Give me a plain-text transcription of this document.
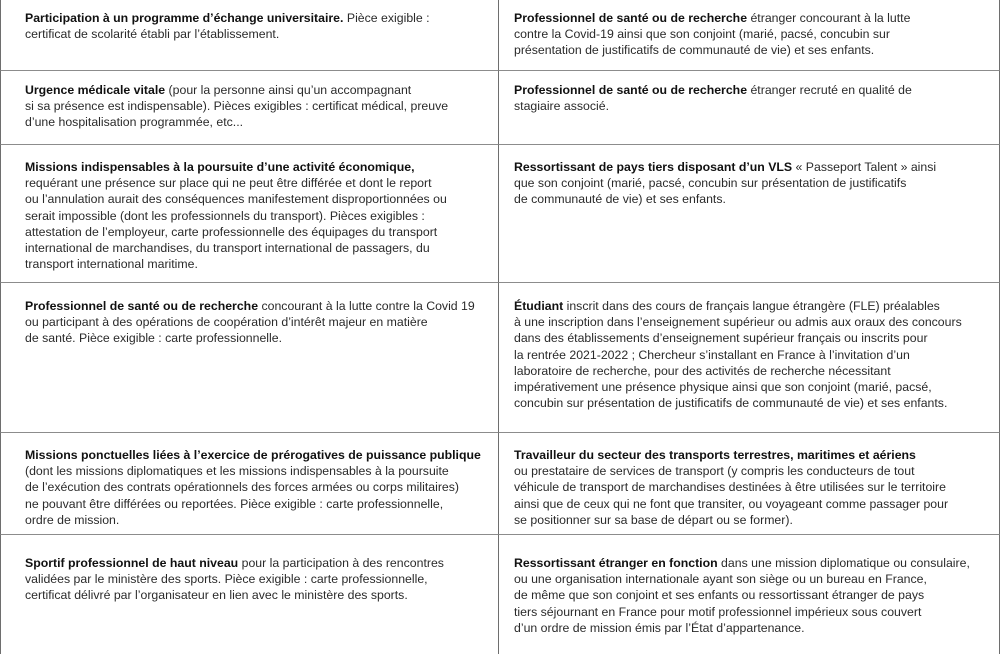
Participation à un programme d’échange universitaire. Pièce exigible :
certificat de scolarité établi par l’établissement.
Professionnel de santé ou de recherche étranger concourant à la lutte
contre la Covid-19 ainsi que son conjoint (marié, pacsé, concubin sur
présentation de justificatifs de communauté de vie) et ses enfants.
Urgence médicale vitale (pour la personne ainsi qu’un accompagnant
si sa présence est indispensable). Pièces exigibles : certificat médical, preuve
d’une hospitalisation programmée, etc...
Professionnel de santé ou de recherche étranger recruté en qualité de
stagiaire associé.
Missions indispensables à la poursuite d’une activité économique,
requérant une présence sur place qui ne peut être différée et dont le report
ou l’annulation aurait des conséquences manifestement disproportionnées ou
serait impossible (dont les professionnels du transport). Pièces exigibles :
attestation de l’employeur, carte professionnelle des équipages du transport
international de marchandises, du transport international de passagers, du
transport international maritime.
Ressortissant de pays tiers disposant d’un VLS « Passeport Talent » ainsi
que son conjoint (marié, pacsé, concubin sur présentation de justificatifs
de communauté de vie) et ses enfants.
Professionnel de santé ou de recherche concourant à la lutte contre la Covid 19
ou participant à des opérations de coopération d’intérêt majeur en matière
de santé. Pièce exigible : carte professionnelle.
Étudiant inscrit dans des cours de français langue étrangère (FLE) préalables
à une inscription dans l’enseignement supérieur ou admis aux oraux des concours
dans des établissements d’enseignement supérieur français ou inscrits pour
la rentrée 2021-2022 ; Chercheur s’installant en France à l’invitation d’un
laboratoire de recherche, pour des activités de recherche nécessitant
impérativement une présence physique ainsi que son conjoint (marié, pacsé,
concubin sur présentation de justificatifs de communauté de vie) et ses enfants.
Missions ponctuelles liées à l’exercice de prérogatives de puissance publique
(dont les missions diplomatiques et les missions indispensables à la poursuite
de l’exécution des contrats opérationnels des forces armées ou corps militaires)
ne pouvant être différées ou reportées. Pièce exigible : carte professionnelle,
ordre de mission.
Travailleur du secteur des transports terrestres, maritimes et aériens
ou prestataire de services de transport (y compris les conducteurs de tout
véhicule de transport de marchandises destinées à être utilisées sur le territoire
ainsi que de ceux qui ne font que transiter, ou voyageant comme passager pour
se positionner sur sa base de départ ou se former).
Sportif professionnel de haut niveau pour la participation à des rencontres
validées par le ministère des sports. Pièce exigible : carte professionnelle,
certificat délivré par l’organisateur en lien avec le ministère des sports.
Ressortissant étranger en fonction dans une mission diplomatique ou consulaire,
ou une organisation internationale ayant son siège ou un bureau en France,
de même que son conjoint et ses enfants ou ressortissant étranger de pays
tiers séjournant en France pour motif professionnel impérieux sous couvert
d’un ordre de mission émis par l’État d’appartenance.
